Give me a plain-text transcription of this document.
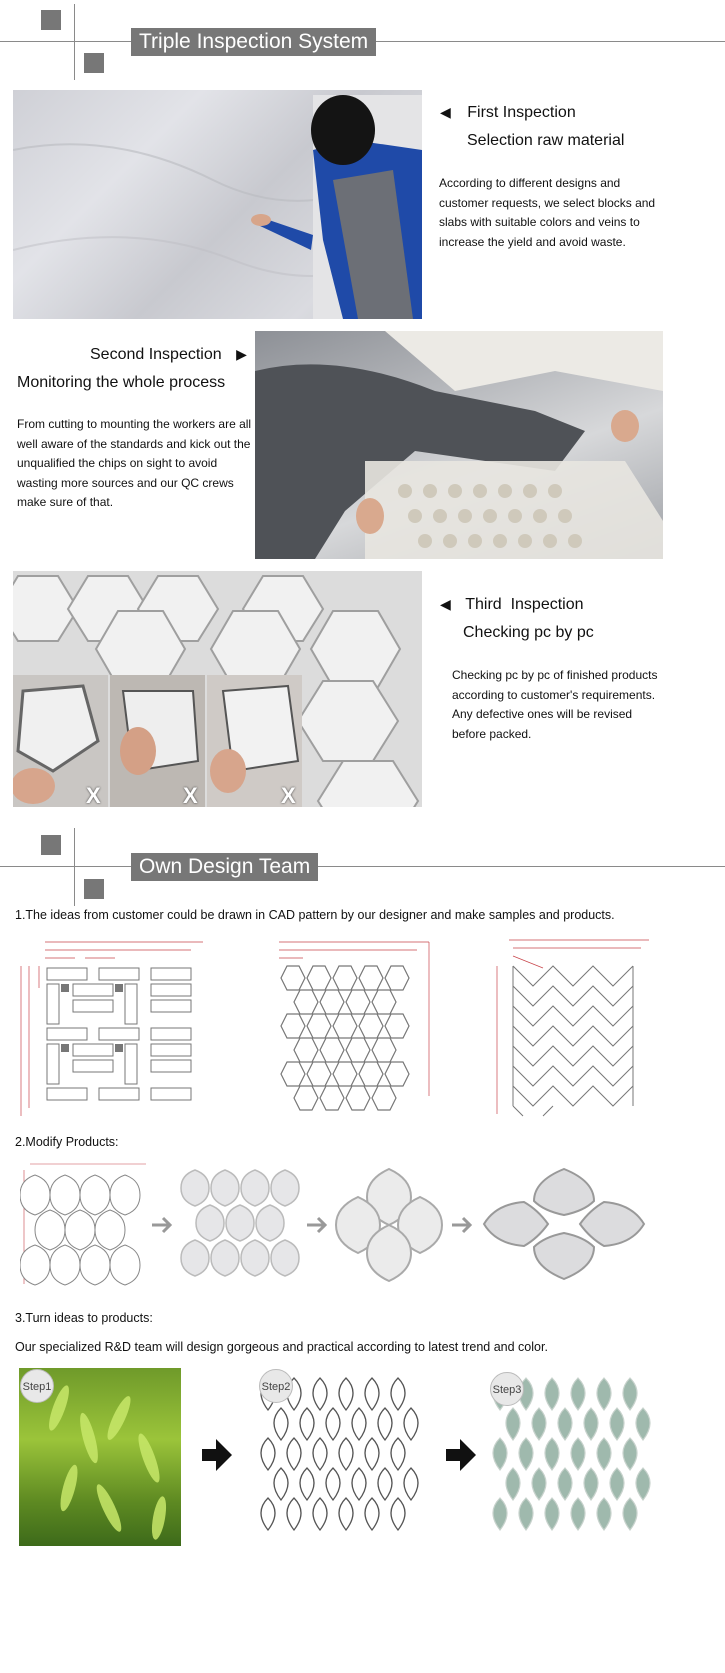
Triple Inspection System
◀ First Inspection
Selection raw material
According to different designs and customer requests, we select blocks and slabs with suitable colors and veins to increase the yield and avoid waste.
Second Inspection ▶
Monitoring the whole process
From cutting to mounting the workers are all well aware of the standards and kick out the unqualified the chips on sight to avoid wasting more sources and our QC crews make sure of that.
X	X	X
◀ Third  Inspection
Checking pc by pc
Checking pc by pc of finished products according to customer's requirements. Any defective ones will be revised before packed.
Own Design Team
1.The ideas from customer could be drawn in CAD pattern by our designer and make samples and products.
2.Modify Products:
3.Turn ideas to products:
Our specialized R&D team will design gorgeous and practical according to latest trend and color.
Step1	Step2	Step3
